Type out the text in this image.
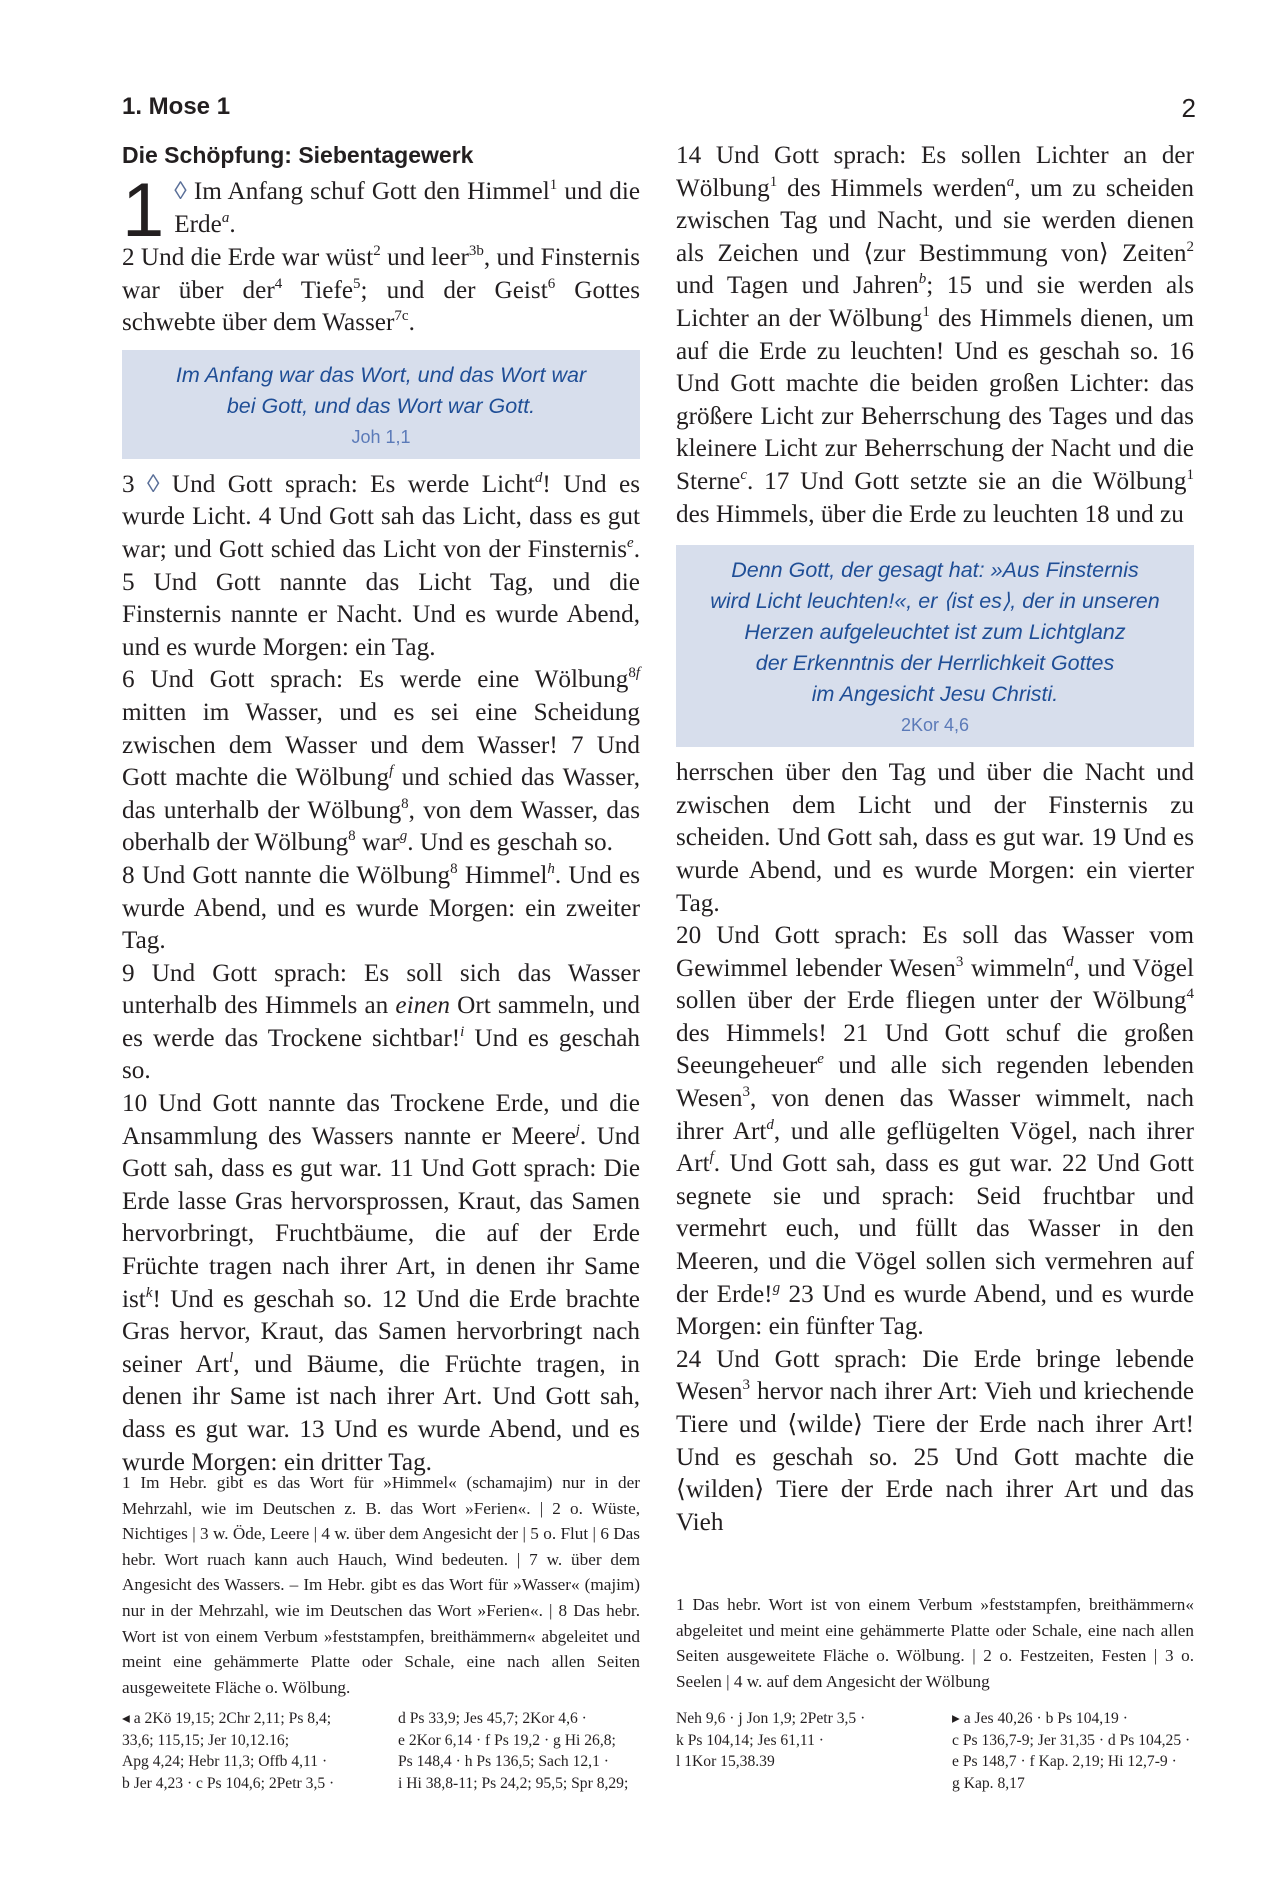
1. Mose 1	2
Die Schöpfung: Siebentagewerk

1 ◊ Im Anfang schuf Gott den Himmel$^1$ und die Erde$^a$.

2 Und die Erde war wüst$^2$ und leer$^{3b}$, und Finsternis war über der$^4$ Tiefe$^5$; und der Geist$^6$ Gottes schwebte über dem Wasser$^{7c}$.

Im Anfang war das Wort, und das Wort war
bei Gott, und das Wort war Gott.
Joh 1,1

3 ◊ Und Gott sprach: Es werde Licht$^d$! Und es wurde Licht. 4 Und Gott sah das Licht, dass es gut war; und Gott schied das Licht von der Finsternis$^e$. 5 Und Gott nannte das Licht Tag, und die Finsternis nannte er Nacht. Und es wurde Abend, und es wurde Morgen: ein Tag.

6 Und Gott sprach: Es werde eine Wölbung$^{8f}$ mitten im Wasser, und es sei eine Scheidung zwischen dem Wasser und dem Wasser! 7 Und Gott machte die Wölbung$^f$ und schied das Wasser, das unterhalb der Wölbung$^8$, von dem Wasser, das oberhalb der Wölbung$^8$ war$^g$. Und es geschah so.

8 Und Gott nannte die Wölbung$^8$ Himmel$^h$. Und es wurde Abend, und es wurde Morgen: ein zweiter Tag.

9 Und Gott sprach: Es soll sich das Wasser unterhalb des Himmels an einen Ort sammeln, und es werde das Trockene sichtbar!$^i$ Und es geschah so.

10 Und Gott nannte das Trockene Erde, und die Ansammlung des Wassers nannte er Meere$^j$. Und Gott sah, dass es gut war. 11 Und Gott sprach: Die Erde lasse Gras hervorsprossen, Kraut, das Samen hervorbringt, Fruchtbäume, die auf der Erde Früchte tragen nach ihrer Art, in denen ihr Same ist$^k$! Und es geschah so. 12 Und die Erde brachte Gras hervor, Kraut, das Samen hervorbringt nach seiner Art$^l$, und Bäume, die Früchte tragen, in denen ihr Same ist nach ihrer Art. Und Gott sah, dass es gut war. 13 Und es wurde Abend, und es wurde Morgen: ein dritter Tag.

14 Und Gott sprach: Es sollen Lichter an der Wölbung$^1$ des Himmels werden$^a$, um zu scheiden zwischen Tag und Nacht, und sie werden dienen als Zeichen und ⟨zur Bestimmung von⟩ Zeiten$^2$ und Tagen und Jahren$^b$; 15 und sie werden als Lichter an der Wölbung$^1$ des Himmels dienen, um auf die Erde zu leuchten! Und es geschah so. 16 Und Gott machte die beiden großen Lichter: das größere Licht zur Beherrschung des Tages und das kleinere Licht zur Beherrschung der Nacht und die Sterne$^c$. 17 Und Gott setzte sie an die Wölbung$^1$ des Himmels, über die Erde zu leuchten 18 und zu

Denn Gott, der gesagt hat: »Aus Finsternis
wird Licht leuchten!«, er ⟨ist es⟩, der in unseren
Herzen aufgeleuchtet ist zum Lichtglanz
der Erkenntnis der Herrlichkeit Gottes
im Angesicht Jesu Christi.
2Kor 4,6

herrschen über den Tag und über die Nacht und zwischen dem Licht und der Finsternis zu scheiden. Und Gott sah, dass es gut war. 19 Und es wurde Abend, und es wurde Morgen: ein vierter Tag.

20 Und Gott sprach: Es soll das Wasser vom Gewimmel lebender Wesen$^3$ wimmeln$^d$, und Vögel sollen über der Erde fliegen unter der Wölbung$^4$ des Himmels! 21 Und Gott schuf die großen Seeungeheuer$^e$ und alle sich regenden lebenden Wesen$^3$, von denen das Wasser wimmelt, nach ihrer Art$^d$, und alle geflügelten Vögel, nach ihrer Art$^f$. Und Gott sah, dass es gut war. 22 Und Gott segnete sie und sprach: Seid fruchtbar und vermehrt euch, und füllt das Wasser in den Meeren, und die Vögel sollen sich vermehren auf der Erde!$^g$ 23 Und es wurde Abend, und es wurde Morgen: ein fünfter Tag.

24 Und Gott sprach: Die Erde bringe lebende Wesen$^3$ hervor nach ihrer Art: Vieh und kriechende Tiere und ⟨wilde⟩ Tiere der Erde nach ihrer Art! Und es geschah so. 25 Und Gott machte die ⟨wilden⟩ Tiere der Erde nach ihrer Art und das Vieh

1 Im Hebr. gibt es das Wort für »Himmel« (schamajim) nur in der Mehrzahl, wie im Deutschen z. B. das Wort »Ferien«. | 2 o. Wüste, Nichtiges | 3 w. Öde, Leere | 4 w. über dem Angesicht der | 5 o. Flut | 6 Das hebr. Wort ruach kann auch Hauch, Wind bedeuten. | 7 w. über dem Angesicht des Wassers. – Im Hebr. gibt es das Wort für »Wasser« (majim) nur in der Mehrzahl, wie im Deutschen das Wort »Ferien«. | 8 Das hebr. Wort ist von einem Verbum »feststampfen, breithämmern« abgeleitet und meint eine gehämmerte Platte oder Schale, eine nach allen Seiten ausgeweitete Fläche o. Wölbung.
1 Das hebr. Wort ist von einem Verbum »feststampfen, breithämmern« abgeleitet und meint eine gehämmerte Platte oder Schale, eine nach allen Seiten ausgeweitete Fläche o. Wölbung. | 2 o. Festzeiten, Festen | 3 o. Seelen | 4 w. auf dem Angesicht der Wölbung
◂ a 2Kö 19,15; 2Chr 2,11; Ps 8,4;
33,6; 115,15; Jer 10,12.16;
Apg 4,24; Hebr 11,3; Offb 4,11 ·
b Jer 4,23 · c Ps 104,6; 2Petr 3,5 ·
d Ps 33,9; Jes 45,7; 2Kor 4,6 ·
e 2Kor 6,14 · f Ps 19,2 · g Hi 26,8;
Ps 148,4 · h Ps 136,5; Sach 12,1 ·
i Hi 38,8-11; Ps 24,2; 95,5; Spr 8,29;
Neh 9,6 · j Jon 1,9; 2Petr 3,5 ·
k Ps 104,14; Jes 61,11 ·
l 1Kor 15,38.39
▸ a Jes 40,26 · b Ps 104,19 ·
c Ps 136,7-9; Jer 31,35 · d Ps 104,25 ·
e Ps 148,7 · f Kap. 2,19; Hi 12,7-9 ·
g Kap. 8,17
